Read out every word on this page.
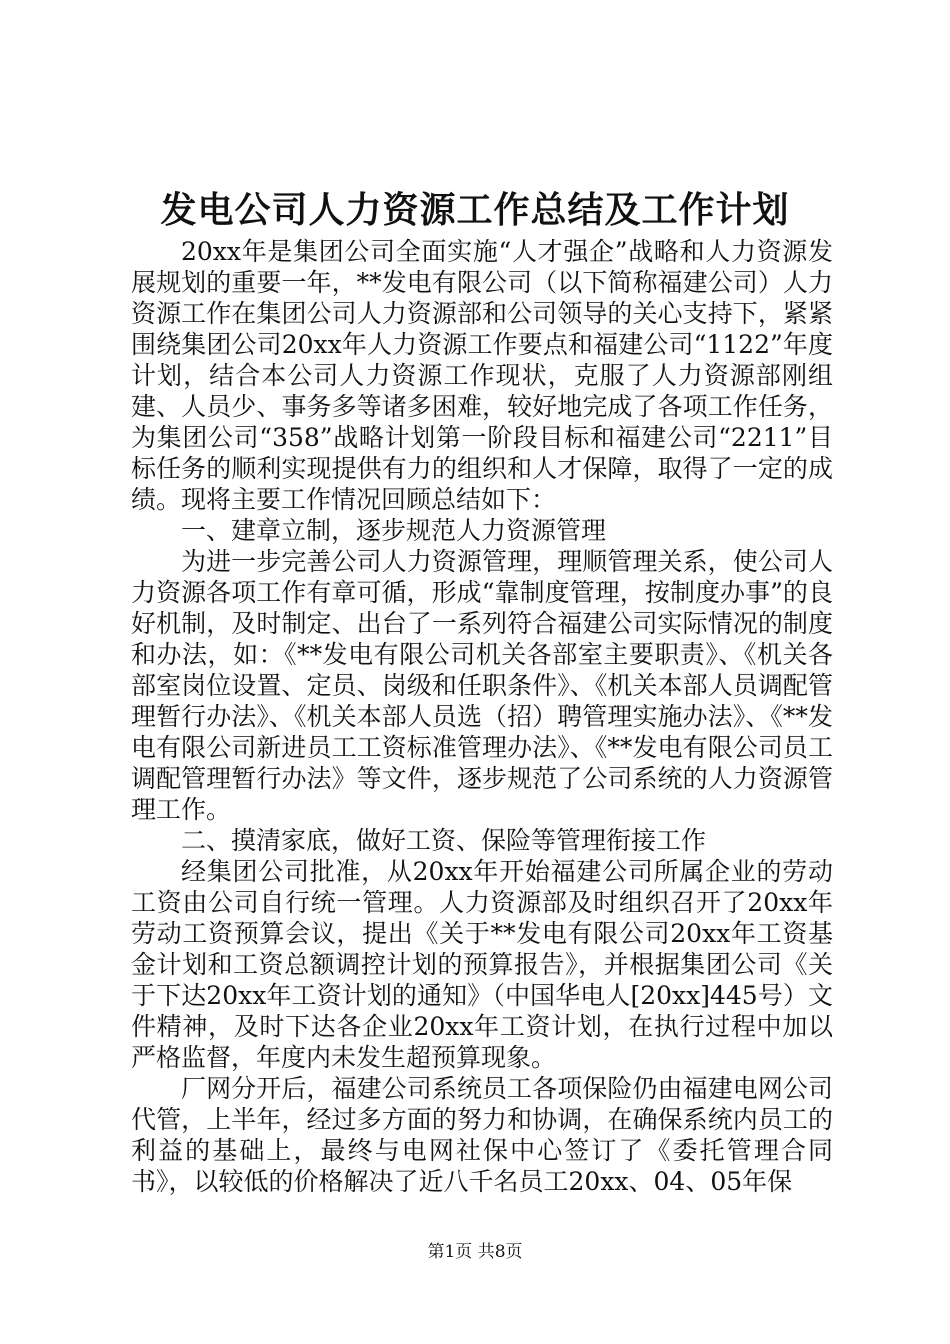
发电公司人力资源工作总结及工作计划

20xx年是集团公司全面实施“人才强企”战略和人力资源发展规划的重要一年，**发电有限公司（以下简称福建公司）人力资源工作在集团公司人力资源部和公司领导的关心支持下，紧紧围绕集团公司20xx年人力资源工作要点和福建公司“1122”年度计划，结合本公司人力资源工作现状，克服了人力资源部刚组建、人员少、事务多等诸多困难，较好地完成了各项工作任务，为集团公司“358”战略计划第一阶段目标和福建公司“2211”目标任务的顺利实现提供有力的组织和人才保障，取得了一定的成绩。现将主要工作情况回顾总结如下：

一、建章立制，逐步规范人力资源管理

为进一步完善公司人力资源管理，理顺管理关系，使公司人力资源各项工作有章可循，形成“靠制度管理，按制度办事”的良好机制，及时制定、出台了一系列符合福建公司实际情况的制度和办法，如：《**发电有限公司机关各部室主要职责》、《机关各部室岗位设置、定员、岗级和任职条件》、《机关本部人员调配管理暂行办法》、《机关本部人员选（招）聘管理实施办法》、《**发电有限公司新进员工工资标准管理办法》、《**发电有限公司员工调配管理暂行办法》等文件，逐步规范了公司系统的人力资源管理工作。

二、摸清家底，做好工资、保险等管理衔接工作

经集团公司批准，从20xx年开始福建公司所属企业的劳动工资由公司自行统一管理。人力资源部及时组织召开了20xx年劳动工资预算会议，提出《关于**发电有限公司20xx年工资基金计划和工资总额调控计划的预算报告》，并根据集团公司《关于下达20xx年工资计划的通知》（中国华电人[20xx]445号）文件精神，及时下达各企业20xx年工资计划，在执行过程中加以严格监督，年度内未发生超预算现象。

厂网分开后，福建公司系统员工各项保险仍由福建电网公司代管，上半年，经过多方面的努力和协调，在确保系统内员工的利益的基础上，最终与电网社保中心签订了《委托管理合同书》，以较低的价格解决了近八千名员工20xx、04、05年保

第1页 共8页
